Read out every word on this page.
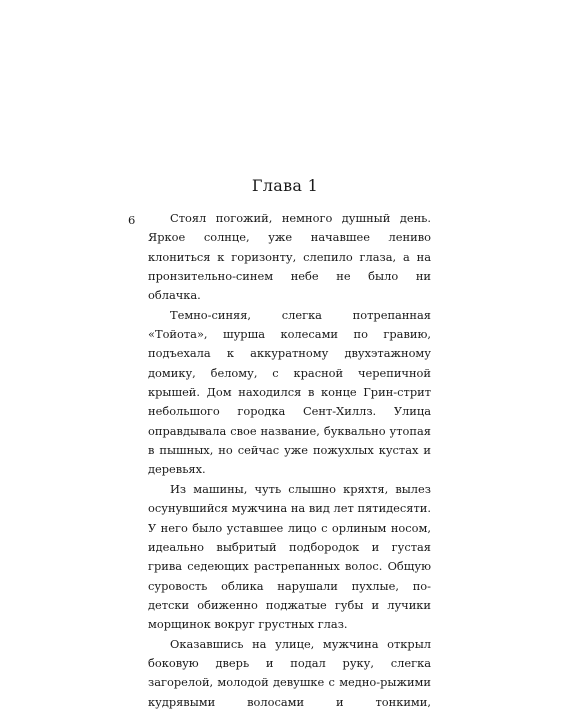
Глава 1
6	Стоял погожий, немного душный день. Яркое солнце, уже начавшее лениво клониться к горизонту, слепило глаза, а на пронзительно-синем небе не было ни облачка.

Темно-синяя, слегка потрепанная «Тойота», шурша колесами по гравию, подъехала к аккуратному двухэтажному домику, белому, с красной черепичной крышей. Дом находился в конце Грин-стрит небольшого городка Сент-Хиллз. Улица оправдывала свое название, буквально утопая в пышных, но сейчас уже пожухлых кустах и деревьях.

Из машины, чуть слышно кряхтя, вылез осунувшийся мужчина на вид лет пятидесяти. У него было уставшее лицо с орлиным носом, идеально выбритый подбородок и густая грива седеющих растрепанных волос. Общую суровость облика нарушали пухлые, по-детски обиженно поджатые губы и лучики морщинок вокруг грустных глаз.

Оказавшись на улице, мужчина открыл боковую дверь и подал руку, слегка загорелой, молодой девушке с медно-рыжими кудрявыми волосами и тонкими,
